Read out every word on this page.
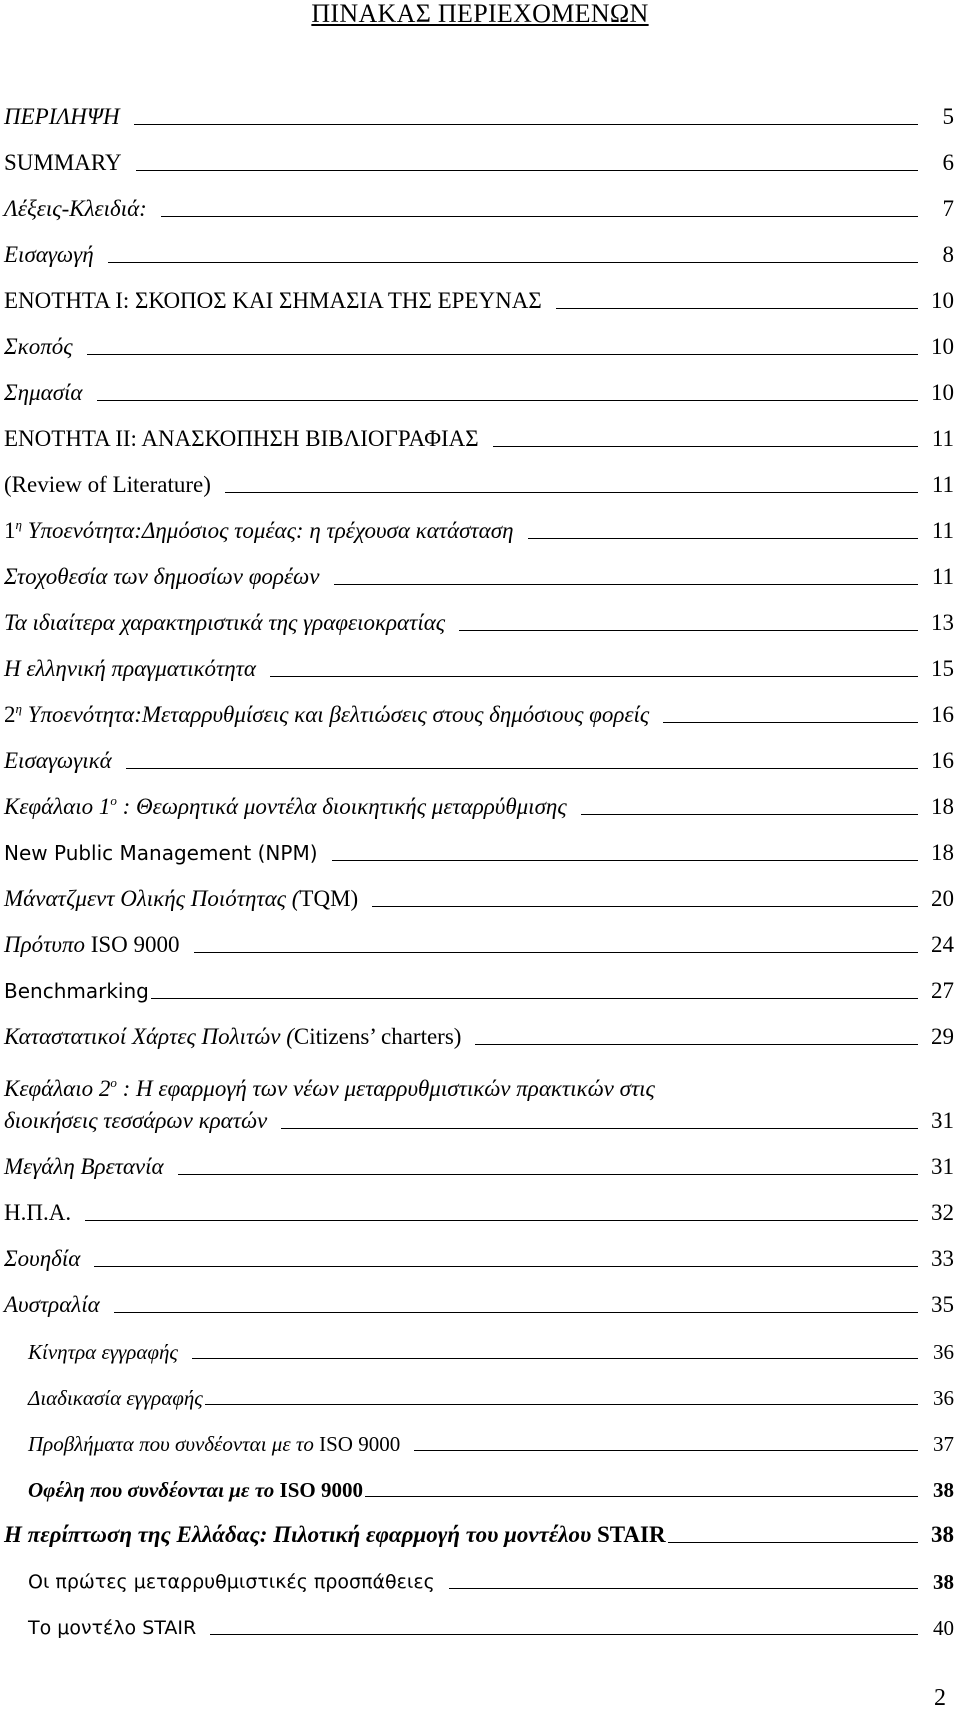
ΠΙΝΑΚΑΣ ΠΕΡΙΕΧΟΜΕΝΩΝ
ΠΕΡΙΛΗΨΗ	5
SUMMARY	6
Λέξεις-Κλειδιά:	7
Εισαγωγή	8
ΕΝΟΤΗΤΑ Ι: ΣΚΟΠΟΣ ΚΑΙ ΣΗΜΑΣΙΑ ΤΗΣ ΕΡΕΥΝΑΣ	10
Σκοπός	10
Σημασία	10
ΕΝΟΤΗΤΑ ΙΙ: ΑΝΑΣΚΟΠΗΣΗ ΒΙΒΛΙΟΓΡΑΦΙΑΣ	11
(Review of Literature)	11
$1^\eta$ Υποενότητα:Δημόσιος τομέας: η τρέχουσα κατάσταση	11
Στοχοθεσία των δημοσίων φορέων	11
Τα ιδιαίτερα χαρακτηριστικά της γραφειοκρατίας	13
Η ελληνική πραγματικότητα	15
$2^\eta$ Υποενότητα:Μεταρρυθμίσεις και βελτιώσεις στους δημόσιους φορείς	16
Εισαγωγικά	16
Κεφάλαιο $1^o$ : Θεωρητικά μοντέλα διοικητικής μεταρρύθμισης	18
New Public Management (NPM)	18
Μάνατζμεντ Ολικής Ποιότητας (TQM)	20
Πρότυπο ISO 9000	24
Benchmarking	27
Καταστατικοί Χάρτες Πολιτών (Citizens’ charters)	29
Κεφάλαιο $2^o$ : Η εφαρμογή των νέων μεταρρυθμιστικών πρακτικών στις
διοικήσεις τεσσάρων κρατών	31
Μεγάλη Βρετανία	31
Η.Π.Α.	32
Σουηδία	33
Αυστραλία	35
Κίνητρα εγγραφής	36
Διαδικασία εγγραφής	36
Προβλήματα που συνδέονται με το ISO 9000	37
Οφέλη που συνδέονται με το ISO 9000	38
Η περίπτωση της Ελλάδας: Πιλοτική εφαρμογή του μοντέλου STAIR	38
Οι πρώτες μεταρρυθμιστικές προσπάθειες	38
Το μοντέλο STAIR	40
2
